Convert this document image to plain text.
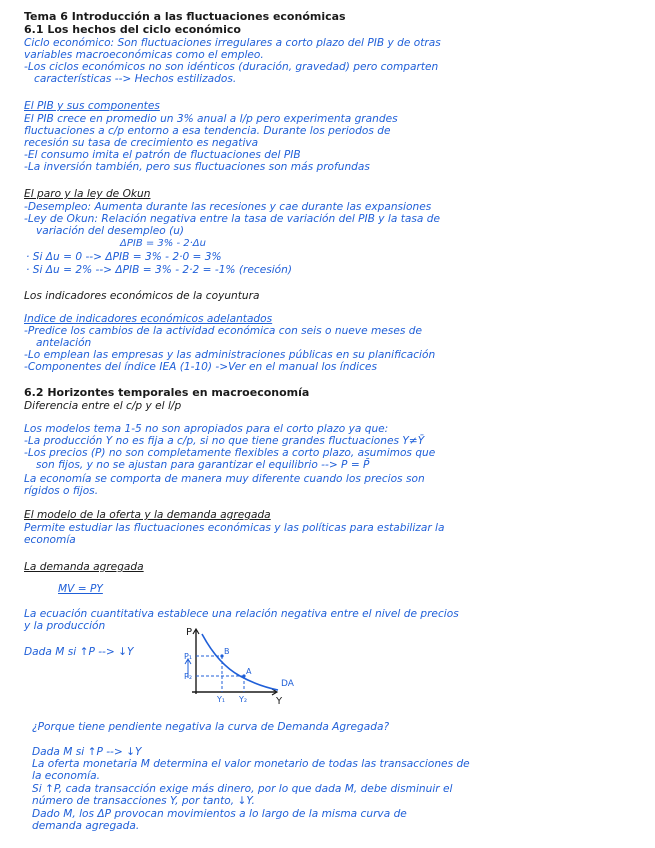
Tema 6 Introducción a las fluctuaciones económicas
6.1 Los hechos del ciclo económico
Ciclo económico: Son fluctuaciones irregulares a corto plazo del PIB y de otras
variables macroeconómicas como el empleo.
-Los ciclos económicos no son idénticos (duración, gravedad) pero comparten
características --> Hechos estilizados.
El PIB y sus componentes
El PIB crece en promedio un 3% anual a l/p pero experimenta grandes
fluctuaciones a c/p entorno a esa tendencia. Durante los periodos de
recesión su tasa de crecimiento es negativa
-El consumo imita el patrón de fluctuaciones del PIB
-La inversión también, pero sus fluctuaciones son más profundas
El paro y la ley de Okun
-Desempleo: Aumenta durante las recesiones y cae durante las expansiones
-Ley de Okun: Relación negativa entre la tasa de variación del PIB y la tasa de
variación del desempleo (u)
ΔPIB = 3% - 2·Δu
· Si Δu = 0 --> ΔPIB = 3% - 2·0 = 3%
· Si Δu = 2% --> ΔPIB = 3% - 2·2 = -1% (recesión)
Los indicadores económicos de la coyuntura
Indice de indicadores económicos adelantados
-Predice los cambios de la actividad económica con seis o nueve meses de
antelación
-Lo emplean las empresas y las administraciones públicas en su planificación
-Componentes del índice IEA (1-10) ->Ver en el manual los índices
6.2 Horizontes temporales en macroeconomía
Diferencia entre el c/p y el l/p
Los modelos tema 1-5 no son apropiados para el corto plazo ya que:
-La producción Y no es fija a c/p, si no que tiene grandes fluctuaciones Y≠Ȳ
-Los precios (P) no son completamente flexibles a corto plazo, asumimos que
son fijos, y no se ajustan para garantizar el equilibrio --> P = P̄
La economía se comporta de manera muy diferente cuando los precios son
rígidos o fijos.
El modelo de la oferta y la demanda agregada
Permite estudiar las fluctuaciones económicas y las políticas para estabilizar la
economía
La demanda agregada
MV = PY
La ecuación cuantitativa establece una relación negativa entre el nivel de precios
y la producción
Dada M si ↑P --> ↓Y
P
Y
P₁
P₂
B
A
Y₁ Y₂
DA
¿Porque tiene pendiente negativa la curva de Demanda Agregada?
Dada M si ↑P --> ↓Y
La oferta monetaria M determina el valor monetario de todas las transacciones de
la economía.
Si ↑P, cada transacción exige más dinero, por lo que dada M, debe disminuir el
número de transacciones Y, por tanto, ↓Y.
Dado M, los ΔP provocan movimientos a lo largo de la misma curva de
demanda agregada.
